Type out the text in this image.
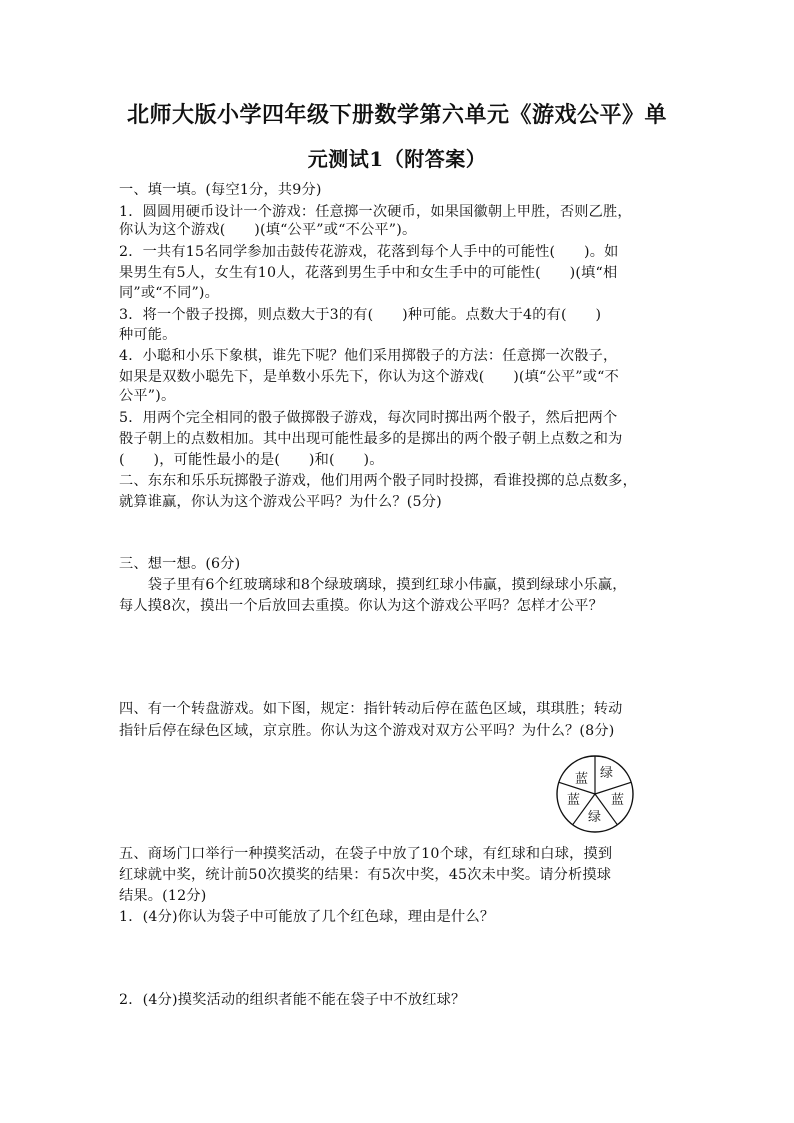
北师大版小学四年级下册数学第六单元《游戏公平》单
元测试1（附答案）
一、填一填。(每空1分，共9分)
1．圆圆用硬币设计一个游戏：任意掷一次硬币，如果国徽朝上甲胜，否则乙胜，
你认为这个游戏(　　)(填“公平”或“不公平”)。
2．一共有15名同学参加击鼓传花游戏，花落到每个人手中的可能性(　　)。如
果男生有5人，女生有10人，花落到男生手中和女生手中的可能性(　　)(填“相
同”或“不同”)。
3．将一个骰子投掷，则点数大于3的有(　　)种可能。点数大于4的有(　　)
种可能。
4．小聪和小乐下象棋，谁先下呢？他们采用掷骰子的方法：任意掷一次骰子，
如果是双数小聪先下，是单数小乐先下，你认为这个游戏(　　)(填“公平”或“不
公平”)。
5．用两个完全相同的骰子做掷骰子游戏，每次同时掷出两个骰子，然后把两个
骰子朝上的点数相加。其中出现可能性最多的是掷出的两个骰子朝上点数之和为
(　　)，可能性最小的是(　　)和(　　)。
二、东东和乐乐玩掷骰子游戏，他们用两个骰子同时投掷，看谁投掷的总点数多，
就算谁赢，你认为这个游戏公平吗？为什么？(5分)
三、想一想。(6分)
　　袋子里有6个红玻璃球和8个绿玻璃球，摸到红球小伟赢，摸到绿球小乐赢，
每人摸8次，摸出一个后放回去重摸。你认为这个游戏公平吗？怎样才公平？
四、有一个转盘游戏。如下图，规定：指针转动后停在蓝色区域，琪琪胜；转动
指针后停在绿色区域，京京胜。你认为这个游戏对双方公平吗？为什么？(8分)
蓝 绿
蓝
绿
蓝
五、商场门口举行一种摸奖活动，在袋子中放了10个球，有红球和白球，摸到
红球就中奖，统计前50次摸奖的结果：有5次中奖，45次未中奖。请分析摸球
结果。(12分)
1．(4分)你认为袋子中可能放了几个红色球，理由是什么？
2．(4分)摸奖活动的组织者能不能在袋子中不放红球？
